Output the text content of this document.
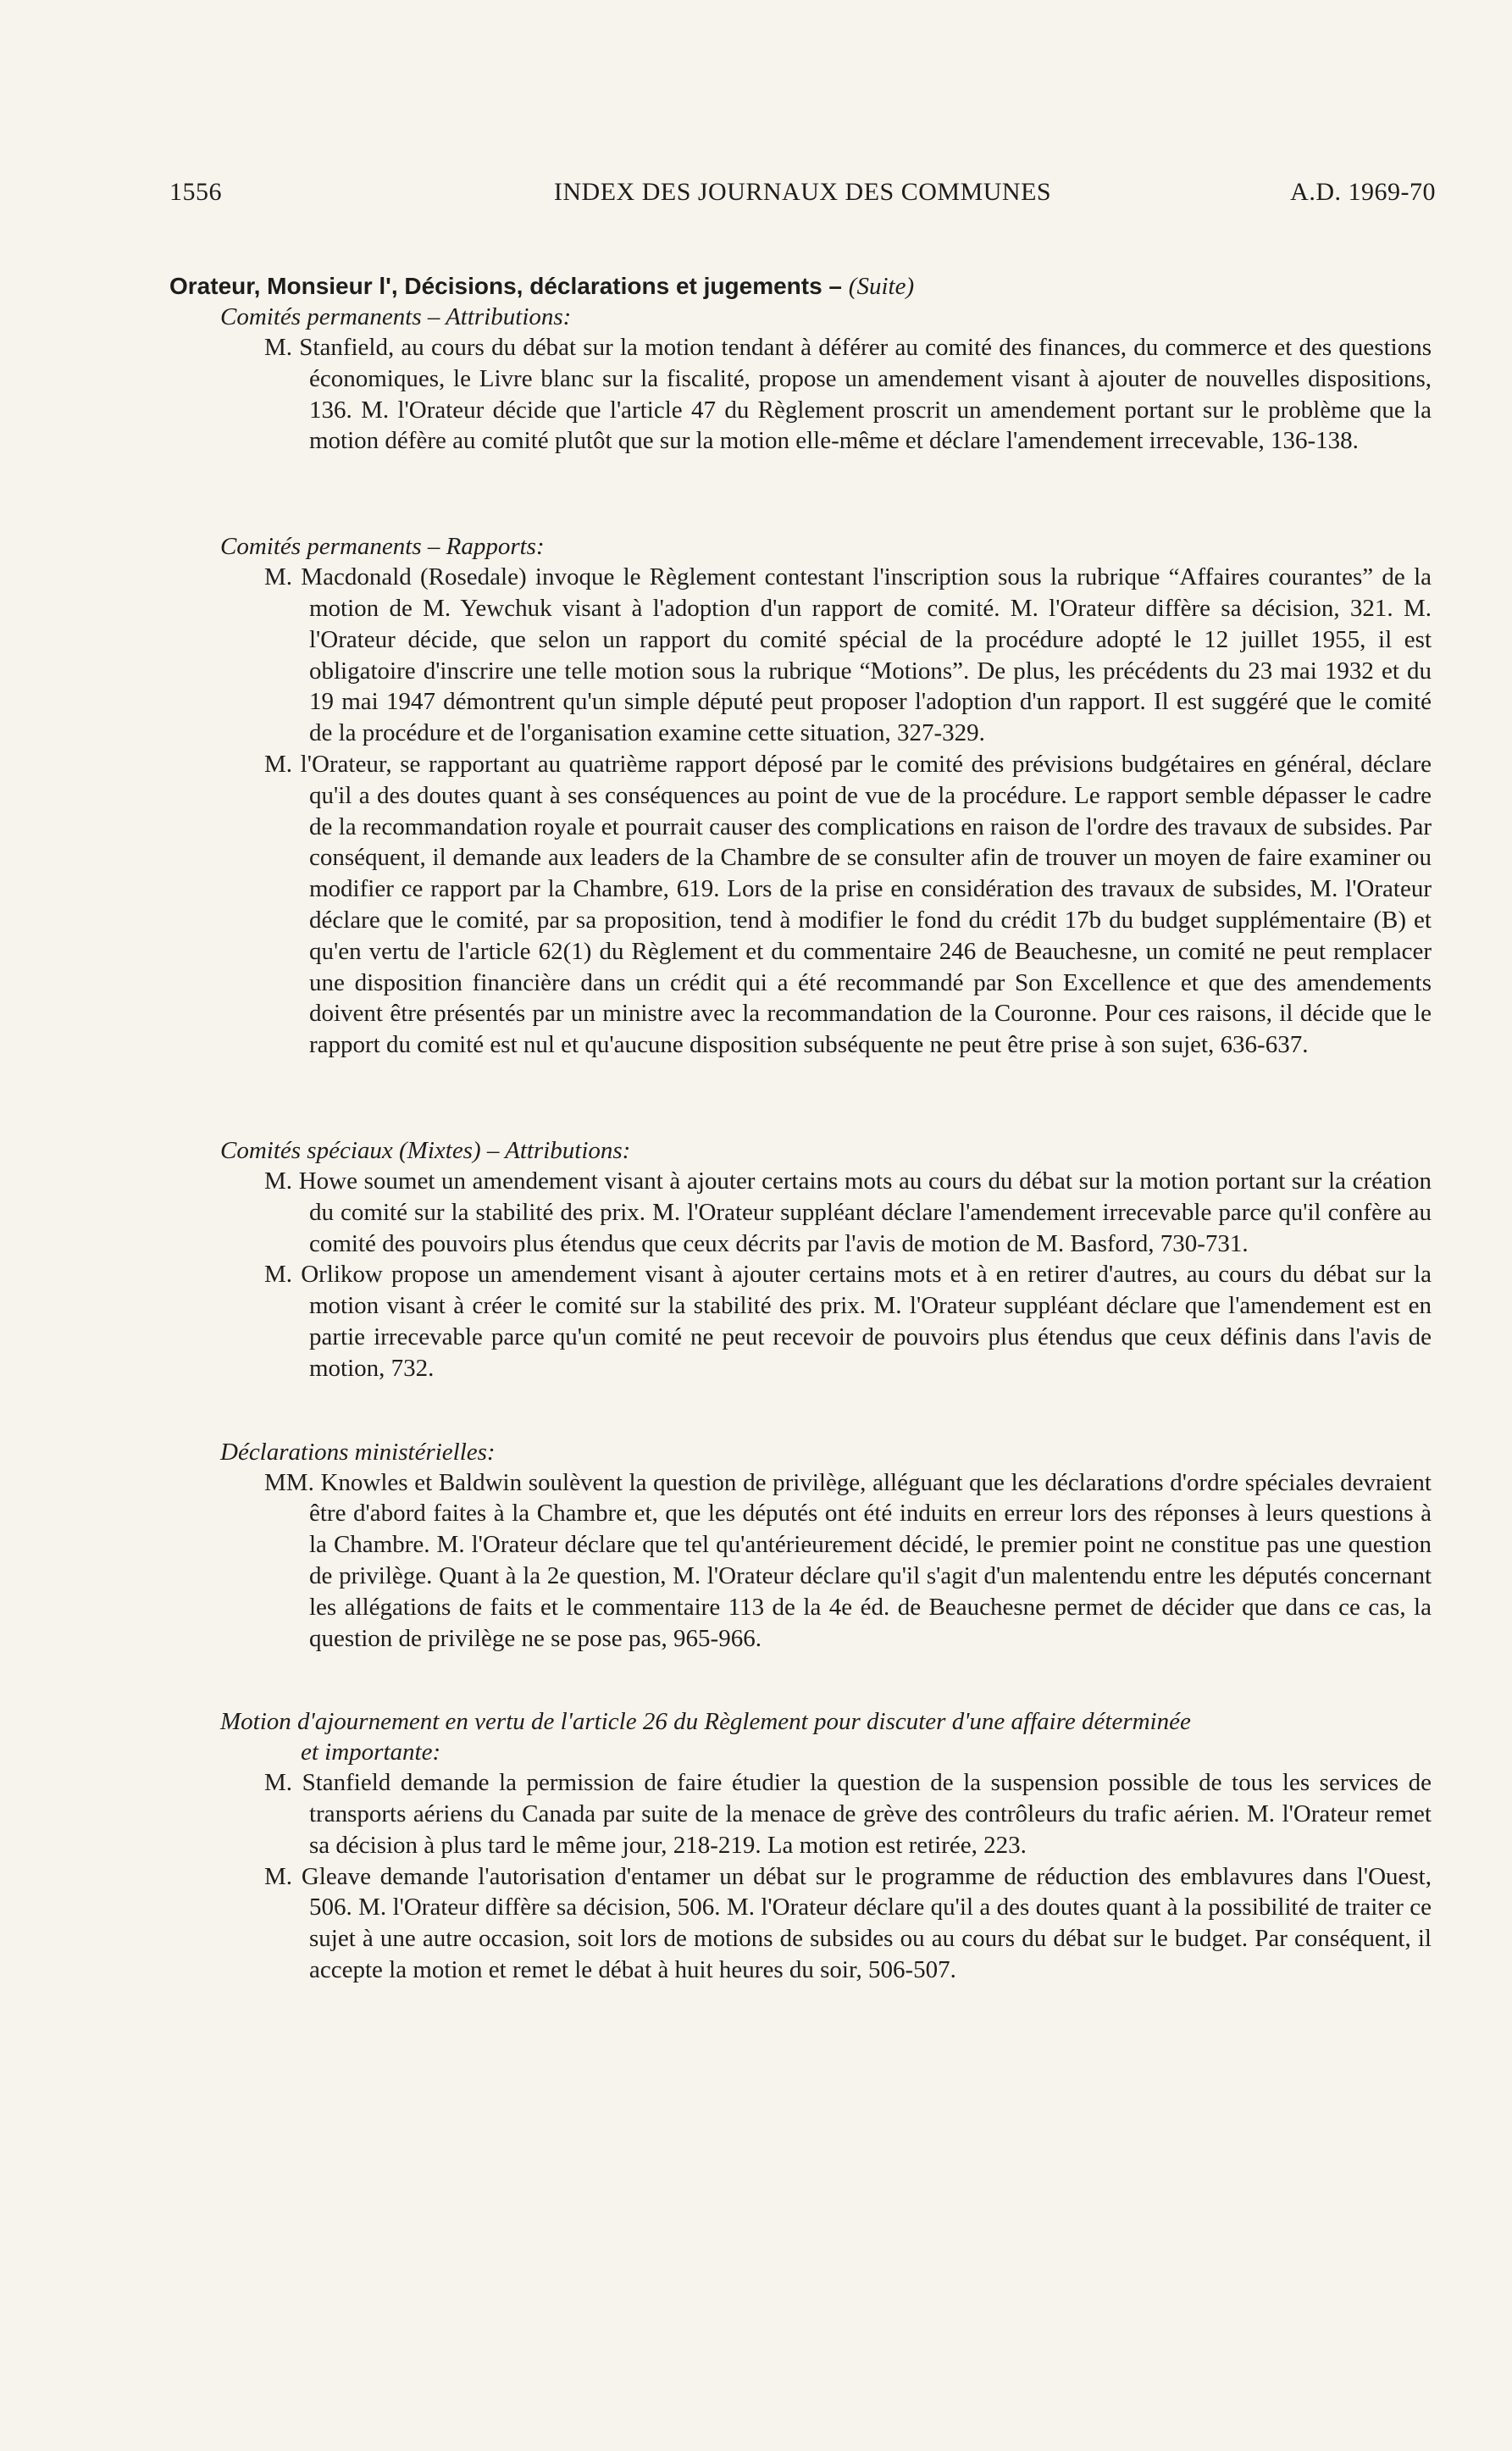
1556	INDEX DES JOURNAUX DES COMMUNES	A.D. 1969-70

Orateur, Monsieur l', Décisions, déclarations et jugements – (Suite)

Comités permanents – Attributions:

M. Stanfield, au cours du débat sur la motion tendant à déférer au comité des finances, du commerce et des questions économiques, le Livre blanc sur la fiscalité, propose un amendement visant à ajouter de nouvelles dispositions, 136. M. l'Orateur décide que l'article 47 du Règlement proscrit un amendement portant sur le problème que la motion défère au comité plutôt que sur la motion elle-même et déclare l'amendement irrecevable, 136-138.

Comités permanents – Rapports:

M. Macdonald (Rosedale) invoque le Règlement contestant l'inscription sous la rubrique “Affaires courantes” de la motion de M. Yewchuk visant à l'adoption d'un rapport de comité. M. l'Orateur diffère sa décision, 321. M. l'Orateur décide, que selon un rapport du comité spécial de la procédure adopté le 12 juillet 1955, il est obligatoire d'inscrire une telle motion sous la rubrique “Motions”. De plus, les précédents du 23 mai 1932 et du 19 mai 1947 démontrent qu'un simple député peut proposer l'adoption d'un rapport. Il est suggéré que le comité de la procédure et de l'organisation examine cette situation, 327-329.

M. l'Orateur, se rapportant au quatrième rapport déposé par le comité des prévisions budgétaires en général, déclare qu'il a des doutes quant à ses conséquences au point de vue de la procédure. Le rapport semble dépasser le cadre de la recommandation royale et pourrait causer des complications en raison de l'ordre des travaux de subsides. Par conséquent, il demande aux leaders de la Chambre de se consulter afin de trouver un moyen de faire examiner ou modifier ce rapport par la Chambre, 619. Lors de la prise en considération des travaux de subsides, M. l'Orateur déclare que le comité, par sa proposition, tend à modifier le fond du crédit 17b du budget supplémentaire (B) et qu'en vertu de l'article 62(1) du Règlement et du commentaire 246 de Beauchesne, un comité ne peut remplacer une disposition financière dans un crédit qui a été recommandé par Son Excellence et que des amendements doivent être présentés par un ministre avec la recommandation de la Couronne. Pour ces raisons, il décide que le rapport du comité est nul et qu'aucune disposition subséquente ne peut être prise à son sujet, 636-637.

Comités spéciaux (Mixtes) – Attributions:

M. Howe soumet un amendement visant à ajouter certains mots au cours du débat sur la motion portant sur la création du comité sur la stabilité des prix. M. l'Orateur suppléant déclare l'amendement irrecevable parce qu'il confère au comité des pouvoirs plus étendus que ceux décrits par l'avis de motion de M. Basford, 730-731.

M. Orlikow propose un amendement visant à ajouter certains mots et à en retirer d'autres, au cours du débat sur la motion visant à créer le comité sur la stabilité des prix. M. l'Orateur suppléant déclare que l'amendement est en partie irrecevable parce qu'un comité ne peut recevoir de pouvoirs plus étendus que ceux définis dans l'avis de motion, 732.

Déclarations ministérielles:

MM. Knowles et Baldwin soulèvent la question de privilège, alléguant que les déclarations d'ordre spéciales devraient être d'abord faites à la Chambre et, que les députés ont été induits en erreur lors des réponses à leurs questions à la Chambre. M. l'Orateur déclare que tel qu'antérieurement décidé, le premier point ne constitue pas une question de privilège. Quant à la 2e question, M. l'Orateur déclare qu'il s'agit d'un malentendu entre les députés concernant les allégations de faits et le commentaire 113 de la 4e éd. de Beauchesne permet de décider que dans ce cas, la question de privilège ne se pose pas, 965-966.

Motion d'ajournement en vertu de l'article 26 du Règlement pour discuter d'une affaire déterminée
et importante:

M. Stanfield demande la permission de faire étudier la question de la suspension possible de tous les services de transports aériens du Canada par suite de la menace de grève des contrôleurs du trafic aérien. M. l'Orateur remet sa décision à plus tard le même jour, 218-219. La motion est retirée, 223.

M. Gleave demande l'autorisation d'entamer un débat sur le programme de réduction des emblavures dans l'Ouest, 506. M. l'Orateur diffère sa décision, 506. M. l'Orateur déclare qu'il a des doutes quant à la possibilité de traiter ce sujet à une autre occasion, soit lors de motions de subsides ou au cours du débat sur le budget. Par conséquent, il accepte la motion et remet le débat à huit heures du soir, 506-507.
